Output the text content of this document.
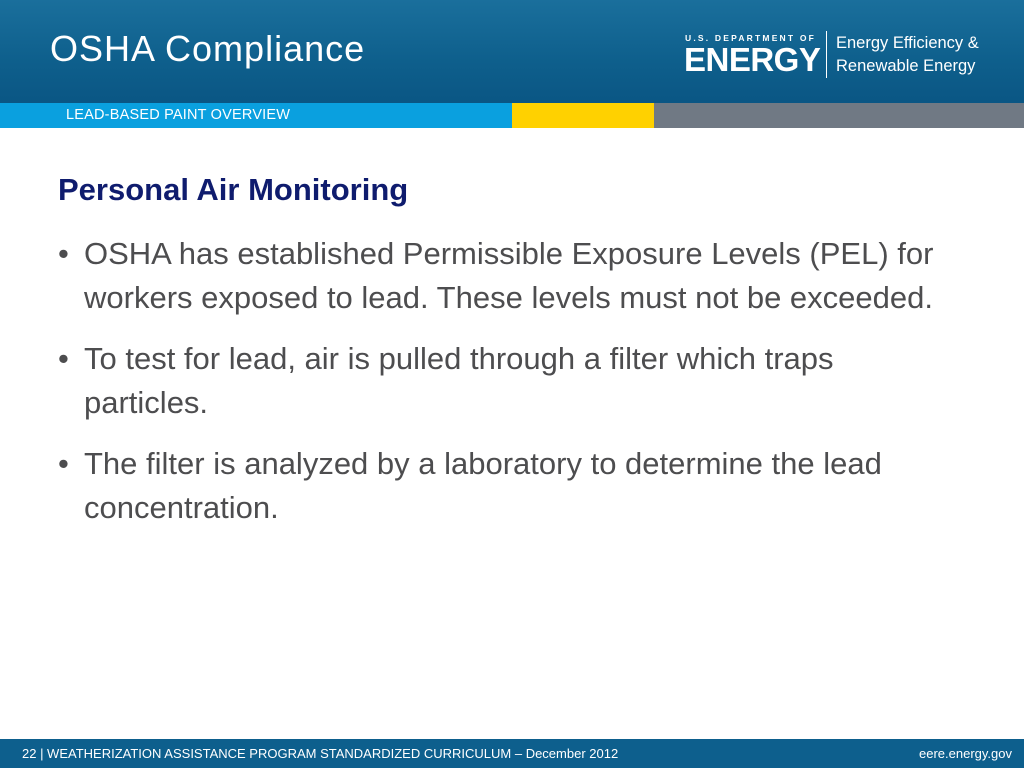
OSHA Compliance	U.S. DEPARTMENT OF
ENERGY Energy Efficiency &
Renewable Energy
LEAD-BASED PAINT OVERVIEW
Personal Air Monitoring
• OSHA has established Permissible Exposure Levels (PEL) for workers exposed to lead. These levels must not be exceeded.
• To test for lead, air is pulled through a filter which traps particles.
• The filter is analyzed by a laboratory to determine the lead concentration.
22 | WEATHERIZATION ASSISTANCE PROGRAM STANDARDIZED CURRICULUM – December 2012	eere.energy.gov
